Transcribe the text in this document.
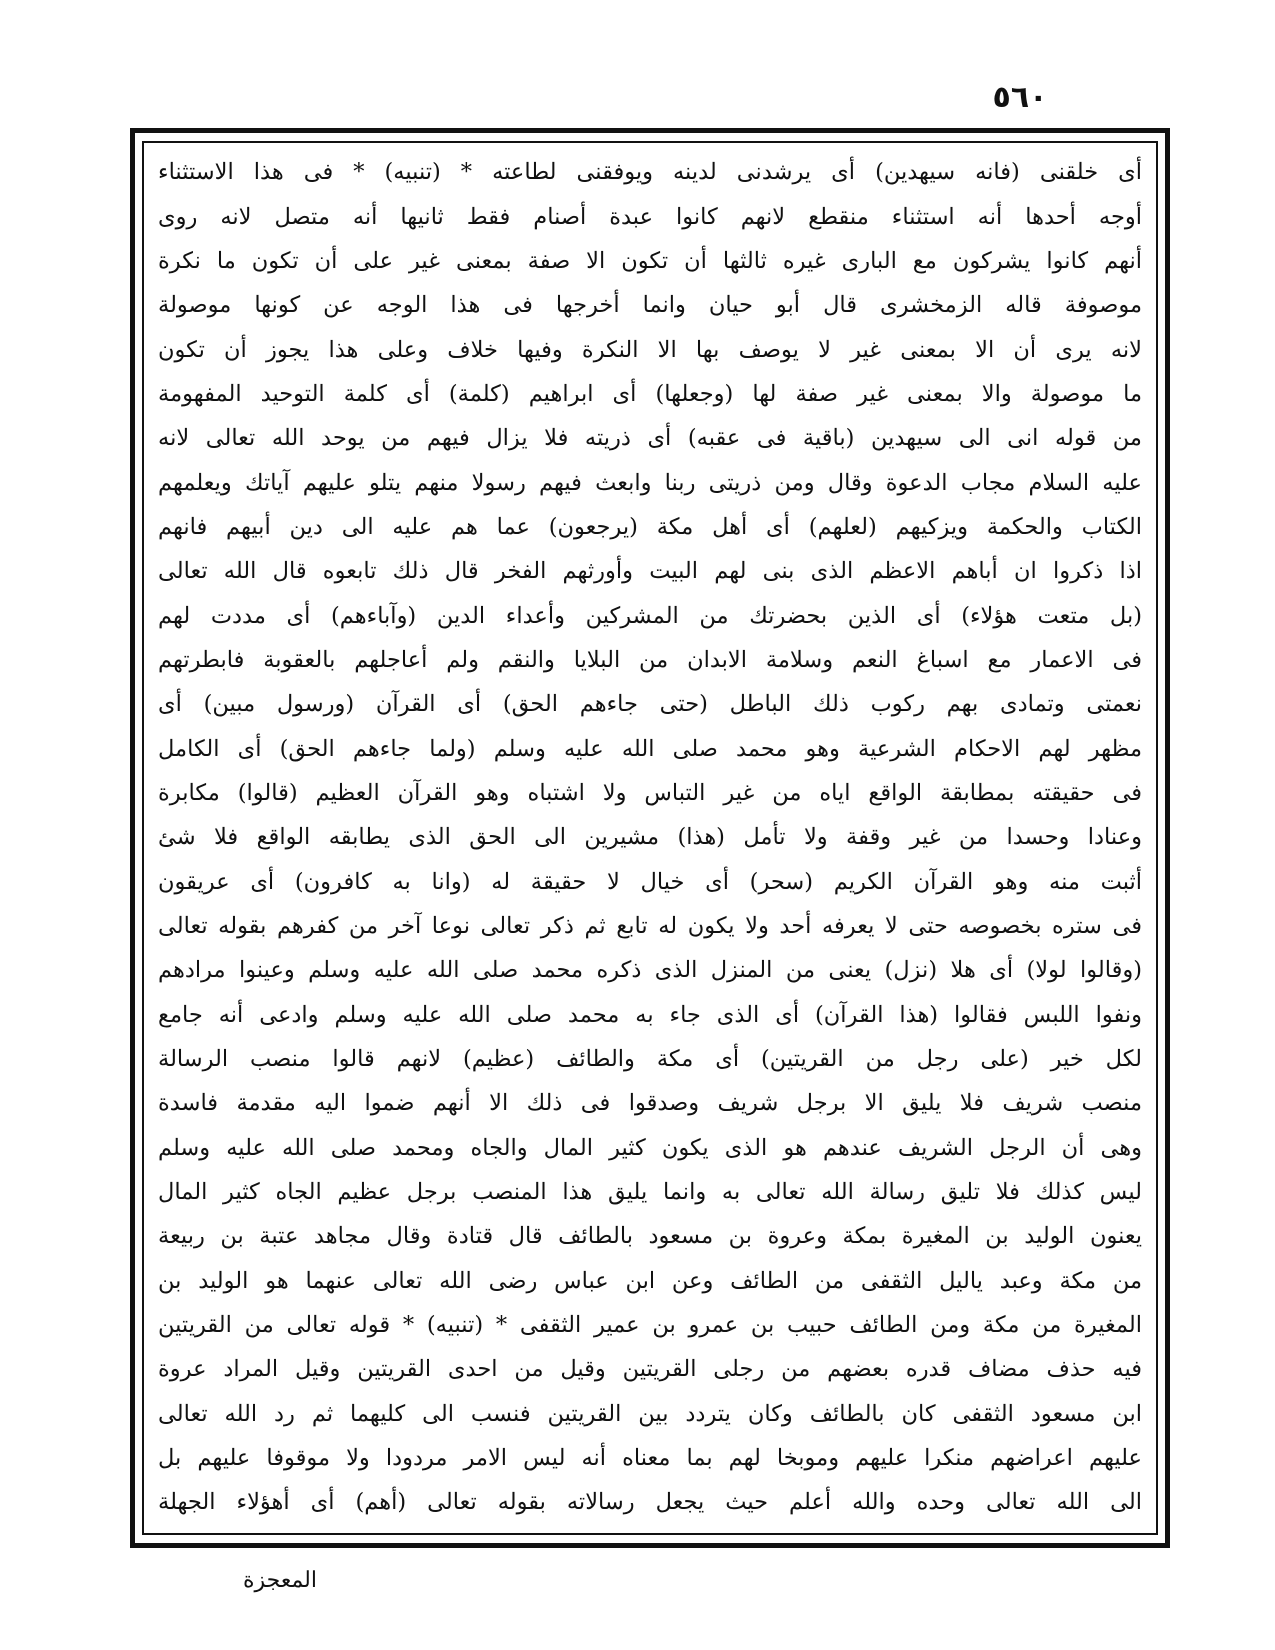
٥٦٠
أى خلقنى (فانه سيهدين) أى يرشدنى لدينه ويوفقنى لطاعته * (تنبيه) * فى هذا الاستثناء
أوجه أحدها أنه استثناء منقطع لانهم كانوا عبدة أصنام فقط ثانيها أنه متصل لانه روى
أنهم كانوا يشركون مع البارى غيره ثالثها أن تكون الا صفة بمعنى غير على أن تكون ما نكرة
موصوفة قاله الزمخشرى قال أبو حيان وانما أخرجها فى هذا الوجه عن كونها موصولة
لانه يرى أن الا بمعنى غير لا يوصف بها الا النكرة وفيها خلاف وعلى هذا يجوز أن تكون
ما موصولة والا بمعنى غير صفة لها (وجعلها) أى ابراهيم (كلمة) أى كلمة التوحيد المفهومة
من قوله انى الى سيهدين (باقية فى عقبه) أى ذريته فلا يزال فيهم من يوحد الله تعالى لانه
عليه السلام مجاب الدعوة وقال ومن ذريتى ربنا وابعث فيهم رسولا منهم يتلو عليهم آياتك ويعلمهم
الكتاب والحكمة ويزكيهم (لعلهم) أى أهل مكة (يرجعون) عما هم عليه الى دين أبيهم فانهم
اذا ذكروا ان أباهم الاعظم الذى بنى لهم البيت وأورثهم الفخر قال ذلك تابعوه قال الله تعالى
(بل متعت هؤلاء) أى الذين بحضرتك من المشركين وأعداء الدين (وآباءهم) أى مددت لهم
فى الاعمار مع اسباغ النعم وسلامة الابدان من البلايا والنقم ولم أعاجلهم بالعقوبة فابطرتهم
نعمتى وتمادى بهم ركوب ذلك الباطل (حتى جاءهم الحق) أى القرآن (ورسول مبين) أى
مظهر لهم الاحكام الشرعية وهو محمد صلى الله عليه وسلم (ولما جاءهم الحق) أى الكامل
فى حقيقته بمطابقة الواقع اياه من غير التباس ولا اشتباه وهو القرآن العظيم (قالوا) مكابرة
وعنادا وحسدا من غير وقفة ولا تأمل (هذا) مشيرين الى الحق الذى يطابقه الواقع فلا شئ
أثبت منه وهو القرآن الكريم (سحر) أى خيال لا حقيقة له (وانا به كافرون) أى عريقون
فى ستره بخصوصه حتى لا يعرفه أحد ولا يكون له تابع ثم ذكر تعالى نوعا آخر من كفرهم بقوله تعالى
(وقالوا لولا) أى هلا (نزل) يعنى من المنزل الذى ذكره محمد صلى الله عليه وسلم وعينوا مرادهم
ونفوا اللبس فقالوا (هذا القرآن) أى الذى جاء به محمد صلى الله عليه وسلم وادعى أنه جامع
لكل خير (على رجل من القريتين) أى مكة والطائف (عظيم) لانهم قالوا منصب الرسالة
منصب شريف فلا يليق الا برجل شريف وصدقوا فى ذلك الا أنهم ضموا اليه مقدمة فاسدة
وهى أن الرجل الشريف عندهم هو الذى يكون كثير المال والجاه ومحمد صلى الله عليه وسلم
ليس كذلك فلا تليق رسالة الله تعالى به وانما يليق هذا المنصب برجل عظيم الجاه كثير المال
يعنون الوليد بن المغيرة بمكة وعروة بن مسعود بالطائف قال قتادة وقال مجاهد عتبة بن ربيعة
من مكة وعبد ياليل الثقفى من الطائف وعن ابن عباس رضى الله تعالى عنهما هو الوليد بن
المغيرة من مكة ومن الطائف حبيب بن عمرو بن عمير الثقفى * (تنبيه) * قوله تعالى من القريتين
فيه حذف مضاف قدره بعضهم من رجلى القريتين وقيل من احدى القريتين وقيل المراد عروة
ابن مسعود الثقفى كان بالطائف وكان يتردد بين القريتين فنسب الى كليهما ثم رد الله تعالى
عليهم اعراضهم منكرا عليهم وموبخا لهم بما معناه أنه ليس الامر مردودا ولا موقوفا عليهم بل
الى الله تعالى وحده والله أعلم حيث يجعل رسالاته بقوله تعالى (أهم) أى أهؤلاء الجهلة
المعجزة
